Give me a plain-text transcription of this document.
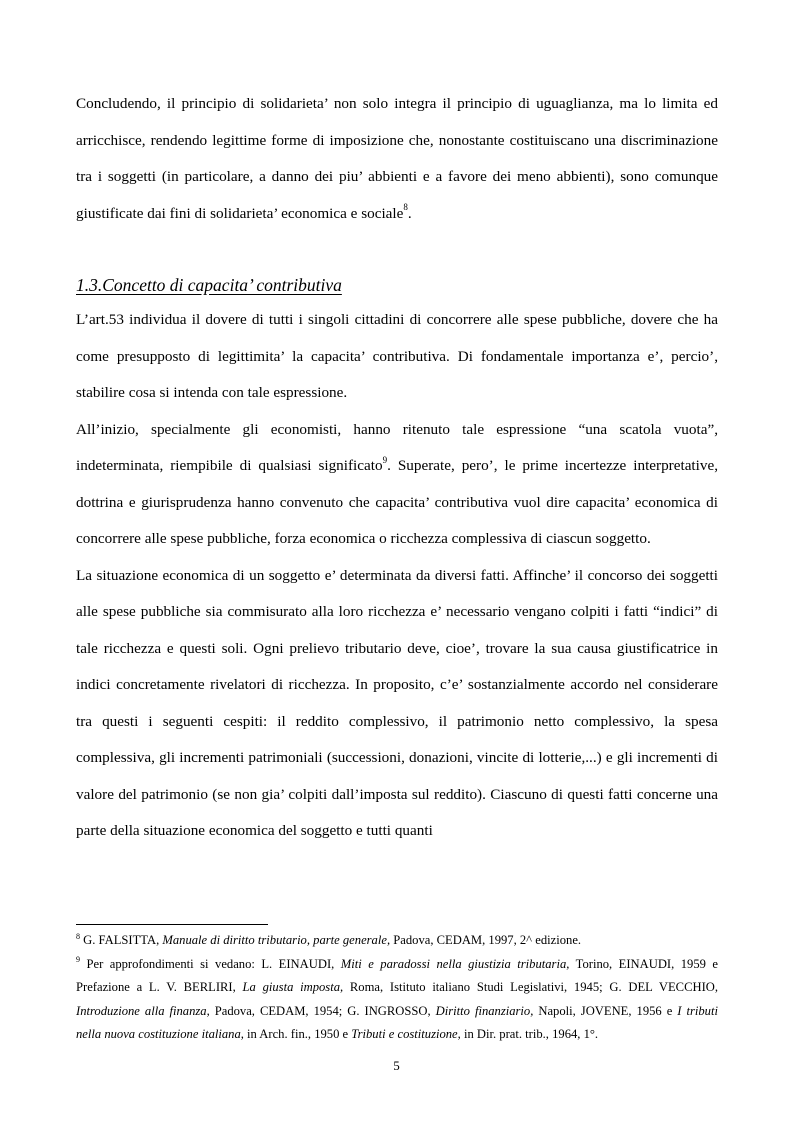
Concludendo, il principio di solidarieta’ non solo integra il principio di uguaglianza, ma lo limita ed arricchisce, rendendo legittime forme di imposizione che, nonostante costituiscano una discriminazione tra i soggetti (in particolare, a danno dei piu’ abbienti e a favore dei meno abbienti), sono comunque giustificate dai fini di solidarieta’ economica e sociale$^8$.

1.3.Concetto di capacita’ contributiva

L’art.53 individua il dovere di tutti i singoli cittadini di concorrere alle spese pubbliche, dovere che ha come presupposto di legittimita’ la capacita’ contributiva. Di fondamentale importanza e’, percio’, stabilire cosa si intenda con tale espressione.

All’inizio, specialmente gli economisti, hanno ritenuto tale espressione “una scatola vuota”, indeterminata, riempibile di qualsiasi significato$^9$. Superate, pero’, le prime incertezze interpretative, dottrina e giurisprudenza hanno convenuto che capacita’ contributiva vuol dire capacita’ economica di concorrere alle spese pubbliche, forza economica o ricchezza complessiva di ciascun soggetto.

La situazione economica di un soggetto e’ determinata da diversi fatti. Affinche’ il concorso dei soggetti alle spese pubbliche sia commisurato alla loro ricchezza e’ necessario vengano colpiti i fatti “indici” di tale ricchezza e questi soli. Ogni prelievo tributario deve, cioe’, trovare la sua causa giustificatrice in indici concretamente rivelatori di ricchezza. In proposito, c’e’ sostanzialmente accordo nel considerare tra questi i seguenti cespiti: il reddito complessivo, il patrimonio netto complessivo, la spesa complessiva, gli incrementi patrimoniali (successioni, donazioni, vincite di lotterie,...) e gli incrementi di valore del patrimonio (se non gia’ colpiti dall’imposta sul reddito). Ciascuno di questi fatti concerne una parte della situazione economica del soggetto e tutti quanti

$^8$ G. FALSITTA, Manuale di diritto tributario, parte generale, Padova, CEDAM, 1997, 2^ edizione.

$^9$ Per approfondimenti si vedano: L. EINAUDI, Miti e paradossi nella giustizia tributaria, Torino, EINAUDI, 1959 e Prefazione a L. V. BERLIRI, La giusta imposta, Roma, Istituto italiano Studi Legislativi, 1945; G. DEL VECCHIO, Introduzione alla finanza, Padova, CEDAM, 1954; G. INGROSSO, Diritto finanziario, Napoli, JOVENE, 1956 e I tributi nella nuova costituzione italiana, in Arch. fin., 1950 e Tributi e costituzione, in Dir. prat. trib., 1964, 1°.

5
